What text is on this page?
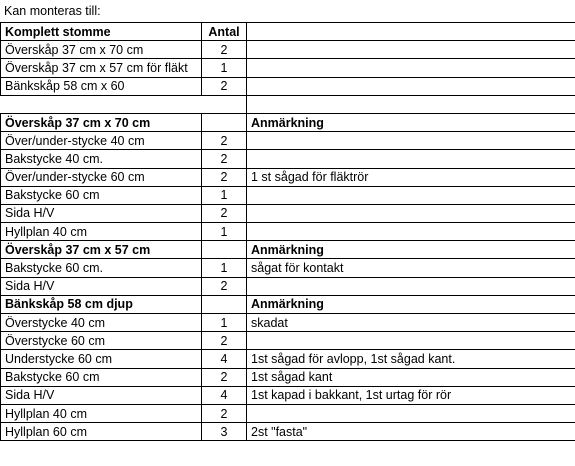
Kan monteras till:
Komplett stomme	Antal	
Överskåp 37 cm x 70 cm	2	
Överskåp 37 cm x 57 cm för fläkt	1	
Bänkskåp 58 cm x 60	2	

Överskåp 37 cm x 70 cm		Anmärkning
Över/under-stycke 40 cm	2	
Bakstycke 40 cm.	2	
Över/under-stycke 60 cm	2	1 st sågad för fläktrör
Bakstycke 60 cm	1	
Sida H/V	2	
Hyllplan 40 cm	1	
Överskåp 37 cm x 57 cm		Anmärkning
Bakstycke 60 cm.	1	sågat för kontakt
Sida H/V	2	
Bänkskåp 58 cm djup		Anmärkning
Överstycke 40 cm	1	skadat
Överstycke 60 cm	2	
Understycke 60 cm	4	1st sågad för avlopp, 1st sågad kant.
Bakstycke 60 cm	2	1st sågad kant
Sida H/V	4	1st kapad i bakkant, 1st urtag för rör
Hyllplan 40 cm	2	
Hyllplan 60 cm	3	2st "fasta"
